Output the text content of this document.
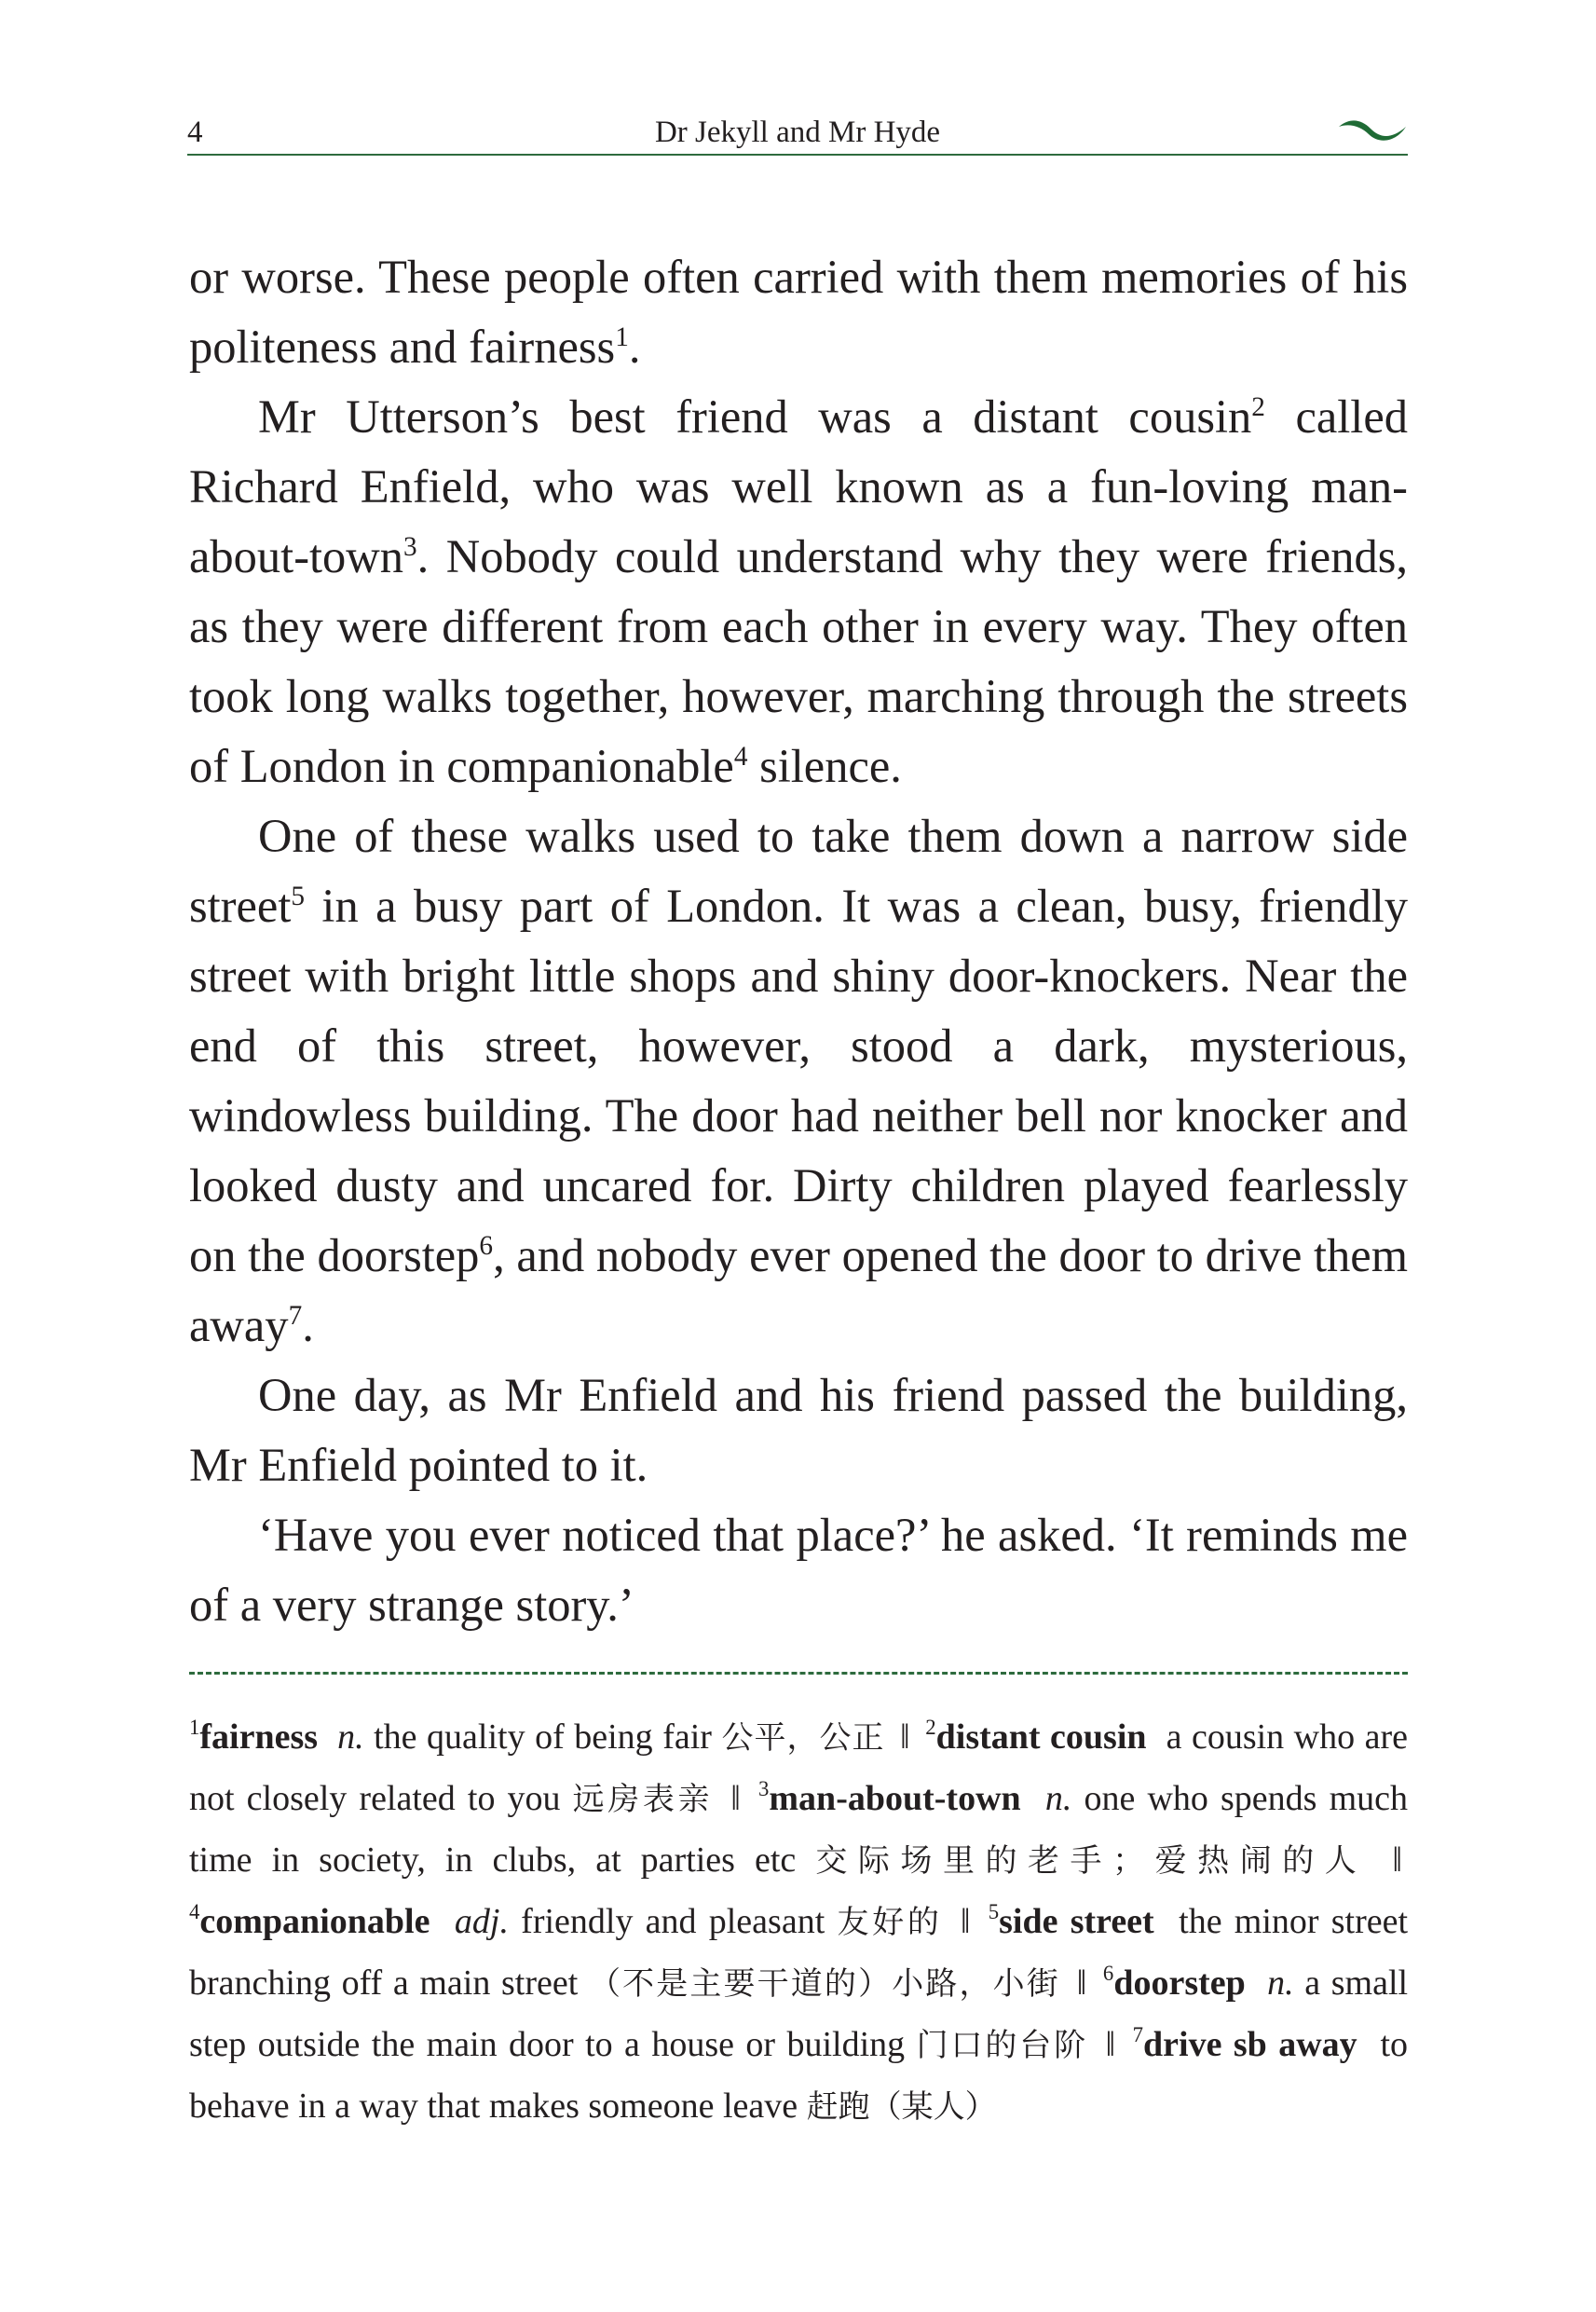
4	Dr Jekyll and Mr Hyde

or worse. These people often carried with them memories of his politeness and fairness$^1$.

Mr Utterson’s best friend was a distant cousin$^2$ called Richard Enfield, who was well known as a fun-loving man-about-town$^3$. Nobody could understand why they were friends, as they were different from each other in every way. They often took long walks together, however, marching through the streets of London in companionable$^4$ silence.

One of these walks used to take them down a narrow side street$^5$ in a busy part of London. It was a clean, busy, friendly street with bright little shops and shiny door-knockers. Near the end of this street, however, stood a dark, mysterious, windowless building. The door had neither bell nor knocker and looked dusty and uncared for. Dirty children played fearlessly on the doorstep$^6$, and nobody ever opened the door to drive them away$^7$.

One day, as Mr Enfield and his friend passed the building, Mr Enfield pointed to it.

‘Have you ever noticed that place?’ he asked. ‘It reminds me of a very strange story.’

$^1$fairness n. the quality of being fair 公平，公正 ‖ $^2$distant cousin a cousin who are not closely related to you 远房表亲 ‖ $^3$man-about-town n. one who spends much time in society, in clubs, at parties etc 交际场里的老手；爱热闹的人 ‖ $^4$companionable adj. friendly and pleasant 友好的 ‖ $^5$side street the minor street branching off a main street （不是主要干道的）小路，小街 ‖ $^6$doorstep n. a small step outside the main door to a house or building 门口的台阶 ‖ $^7$drive sb away to behave in a way that makes someone leave 赶跑（某人）
